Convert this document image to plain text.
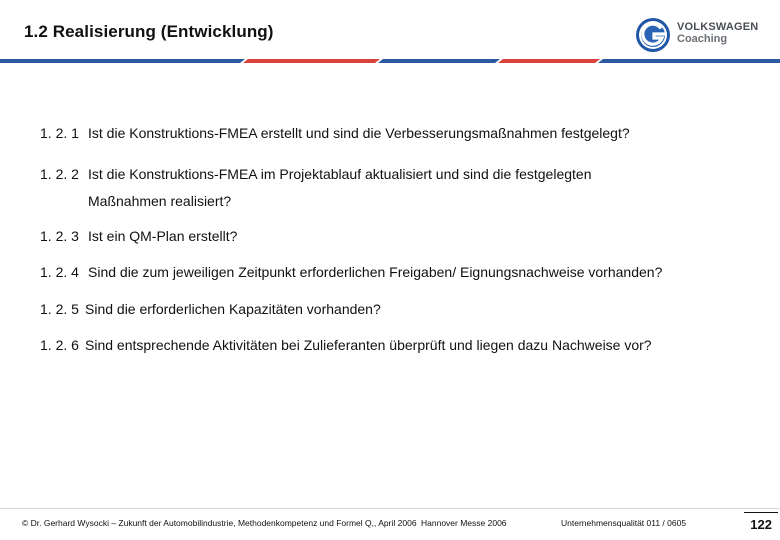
1.2 Realisierung (Entwicklung)	VOLKSWAGEN
Coaching
1. 2. 1 Ist die Konstruktions-FMEA erstellt und sind die Verbesserungsmaßnahmen festgelegt?
1. 2. 2 Ist die Konstruktions-FMEA im Projektablauf aktualisiert und sind die festgelegten
Maßnahmen realisiert?
1. 2. 3 Ist ein QM-Plan erstellt?
1. 2. 4 Sind die zum jeweiligen Zeitpunkt erforderlichen Freigaben/ Eignungsnachweise vorhanden?
1. 2. 5 Sind die erforderlichen Kapazitäten vorhanden?
1. 2. 6 Sind entsprechende Aktivitäten bei Zulieferanten überprüft und liegen dazu Nachweise vor?
© Dr. Gerhard Wysocki – Zukunft der Automobilindustrie, Methodenkompetenz und Formel Q,, April 2006 Hannover Messe 2006	Unternehmensqualität 011 / 0605	122
